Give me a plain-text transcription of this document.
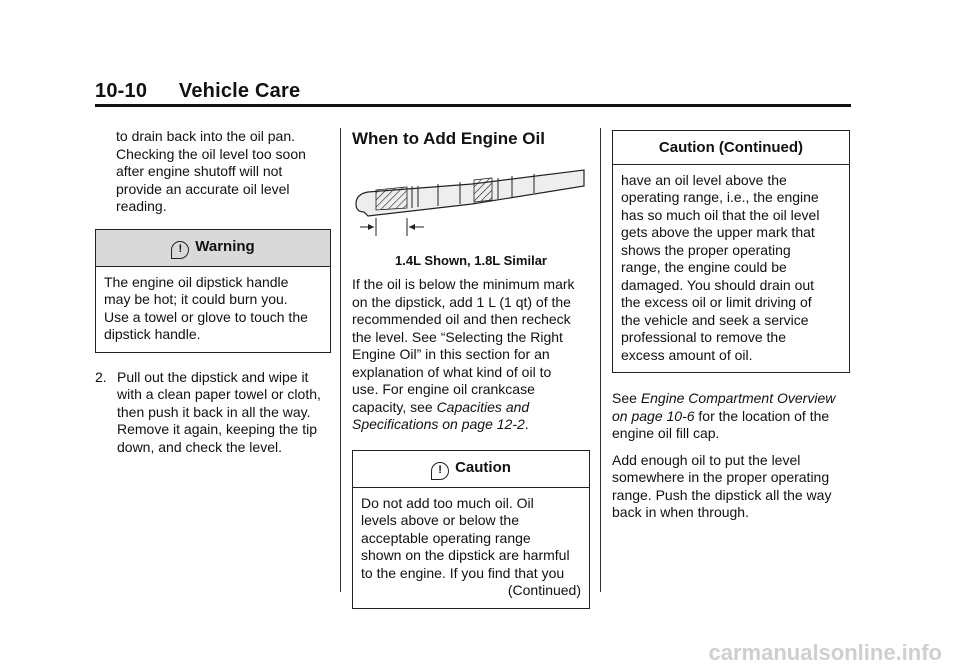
10-10 Vehicle Care
to drain back into the oil pan.
Checking the oil level too soon
after engine shutoff will not
provide an accurate oil level
reading.
! Warning
The engine oil dipstick handle
may be hot; it could burn you.
Use a towel or glove to touch the
dipstick handle.
2. Pull out the dipstick and wipe it
with a clean paper towel or cloth,
then push it back in all the way.
Remove it again, keeping the tip
down, and check the level.
When to Add Engine Oil
1.4L Shown, 1.8L Similar
If the oil is below the minimum mark
on the dipstick, add 1 L (1 qt) of the
recommended oil and then recheck
the level. See “Selecting the Right
Engine Oil” in this section for an
explanation of what kind of oil to
use. For engine oil crankcase
capacity, see Capacities and
Specifications on page 12-2.
! Caution
Do not add too much oil. Oil
levels above or below the
acceptable operating range
shown on the dipstick are harmful
to the engine. If you find that you
(Continued)
Caution (Continued)
have an oil level above the
operating range, i.e., the engine
has so much oil that the oil level
gets above the upper mark that
shows the proper operating
range, the engine could be
damaged. You should drain out
the excess oil or limit driving of
the vehicle and seek a service
professional to remove the
excess amount of oil.
See Engine Compartment Overview
on page 10-6 for the location of the
engine oil fill cap.
Add enough oil to put the level
somewhere in the proper operating
range. Push the dipstick all the way
back in when through.
carmanualsonline.info
